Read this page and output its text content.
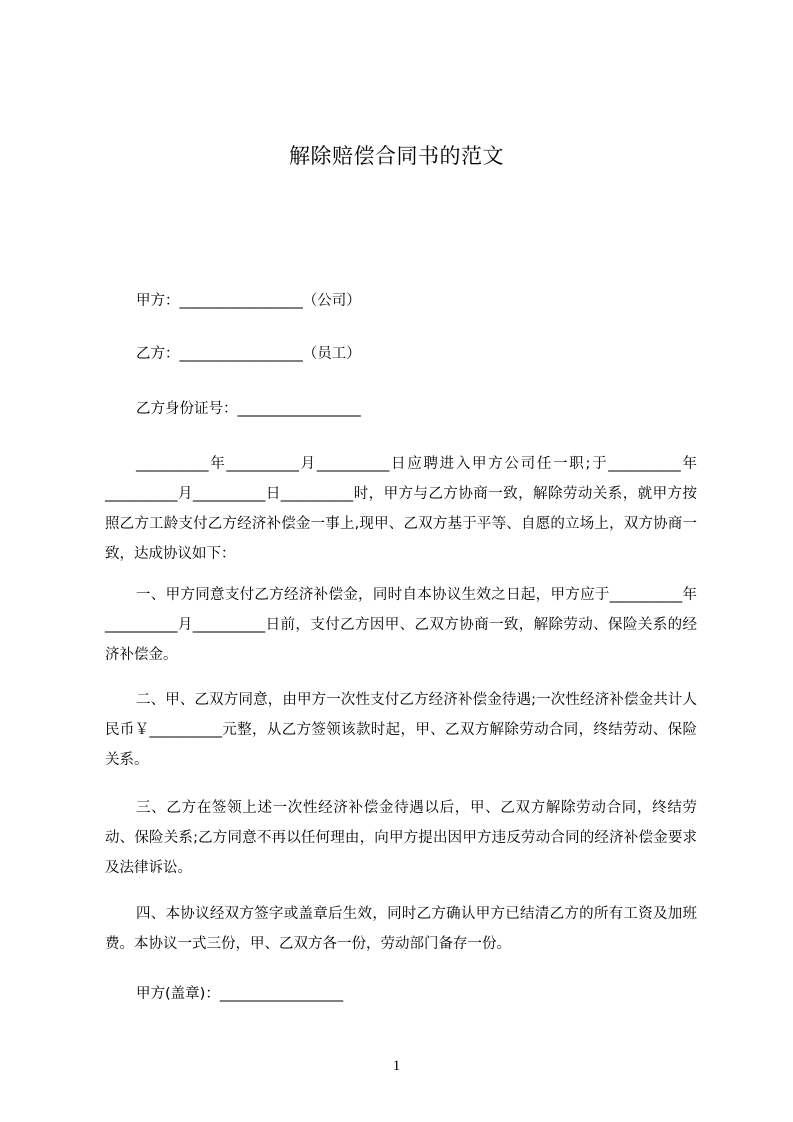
解除赔偿合同书的范文
甲方：_________________（公司）
乙方：_________________（员工）
乙方身份证号：_________________
__________年__________月__________日应聘进入甲方公司任一职;于__________年__________月__________日__________时，甲方与乙方协商一致，解除劳动关系，就甲方按照乙方工龄支付乙方经济补偿金一事上,现甲、乙双方基于平等、自愿的立场上，双方协商一致，达成协议如下：
一、甲方同意支付乙方经济补偿金，同时自本协议生效之日起，甲方应于__________年__________月__________日前，支付乙方因甲、乙双方协商一致，解除劳动、保险关系的经济补偿金。
二、甲、乙双方同意，由甲方一次性支付乙方经济补偿金待遇;一次性经济补偿金共计人民币￥__________元整，从乙方签领该款时起，甲、乙双方解除劳动合同，终结劳动、保险关系。
三、乙方在签领上述一次性经济补偿金待遇以后，甲、乙双方解除劳动合同，终结劳动、保险关系;乙方同意不再以任何理由，向甲方提出因甲方违反劳动合同的经济补偿金要求及法律诉讼。
四、本协议经双方签字或盖章后生效，同时乙方确认甲方已结清乙方的所有工资及加班费。本协议一式三份，甲、乙双方各一份，劳动部门备存一份。
甲方(盖章)：_________________
1
